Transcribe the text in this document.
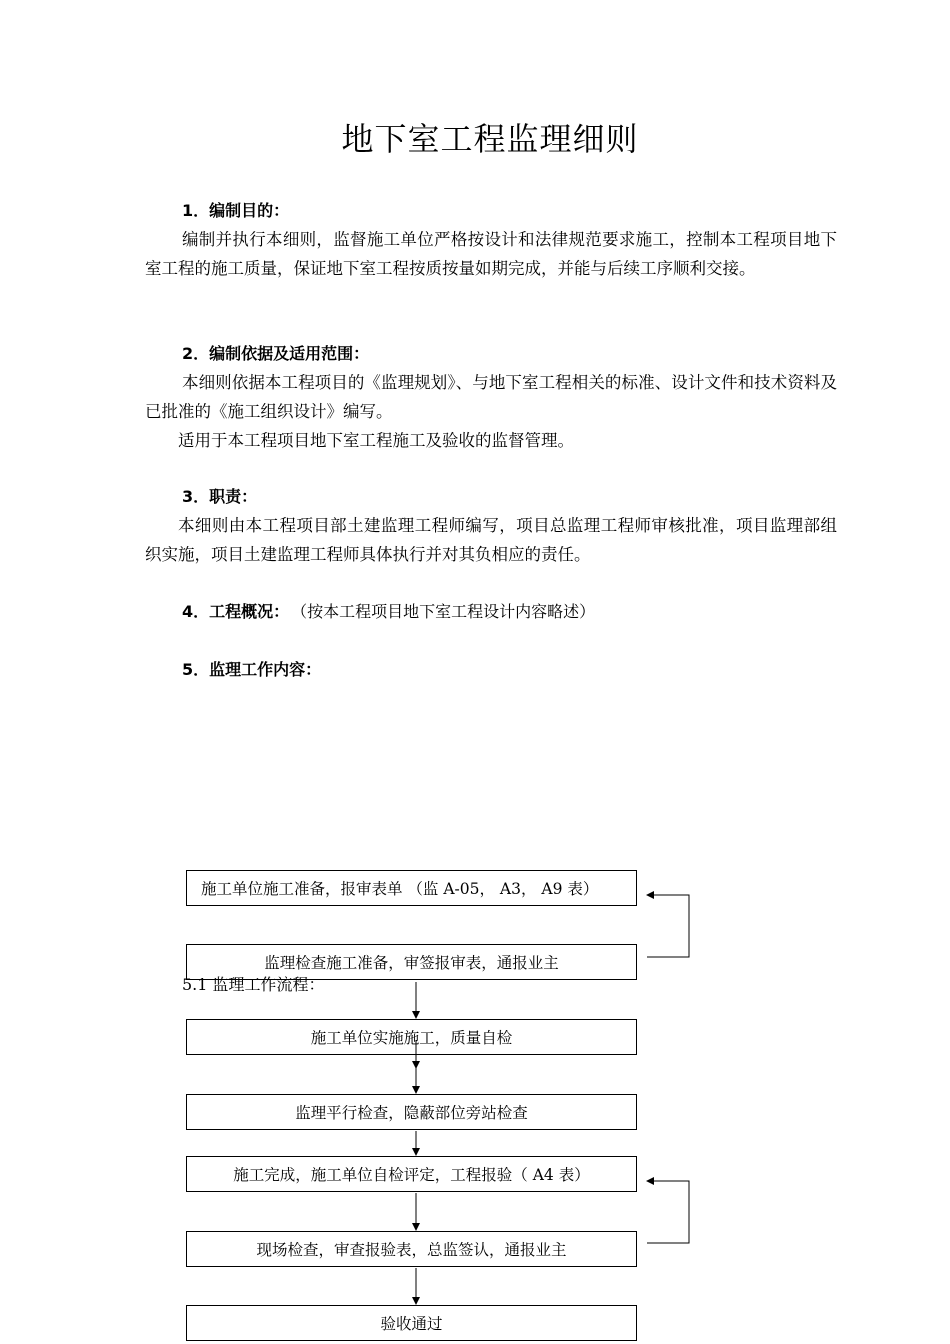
地下室工程监理细则
1．编制目的：

编制并执行本细则，监督施工单位严格按设计和法律规范要求施工，控制本工程项目地下室工程的施工质量，保证地下室工程按质按量如期完成，并能与后续工序顺利交接。

2．编制依据及适用范围：

本细则依据本工程项目的《监理规划》、与地下室工程相关的标准、设计文件和技术资料及已批准的《施工组织设计》编写。

适用于本工程项目地下室工程施工及验收的监督管理。

3．职责：

本细则由本工程项目部土建监理工程师编写，项目总监理工程师审核批准，项目监理部组织实施，项目土建监理工程师具体执行并对其负相应的责任。

4．工程概况： （按本工程项目地下室工程设计内容略述）
5．监理工作内容：
施工单位施工准备，报审表单 （监 A-05， A3， A9 表）
监理检查施工准备，审签报审表，通报业主
5.1 监理工作流程：
施工单位实施施工，质量自检
监理平行检查，隐蔽部位旁站检查
施工完成，施工单位自检评定，工程报验（ A4 表）
现场检查，审查报验表，总监签认，通报业主
验收通过
